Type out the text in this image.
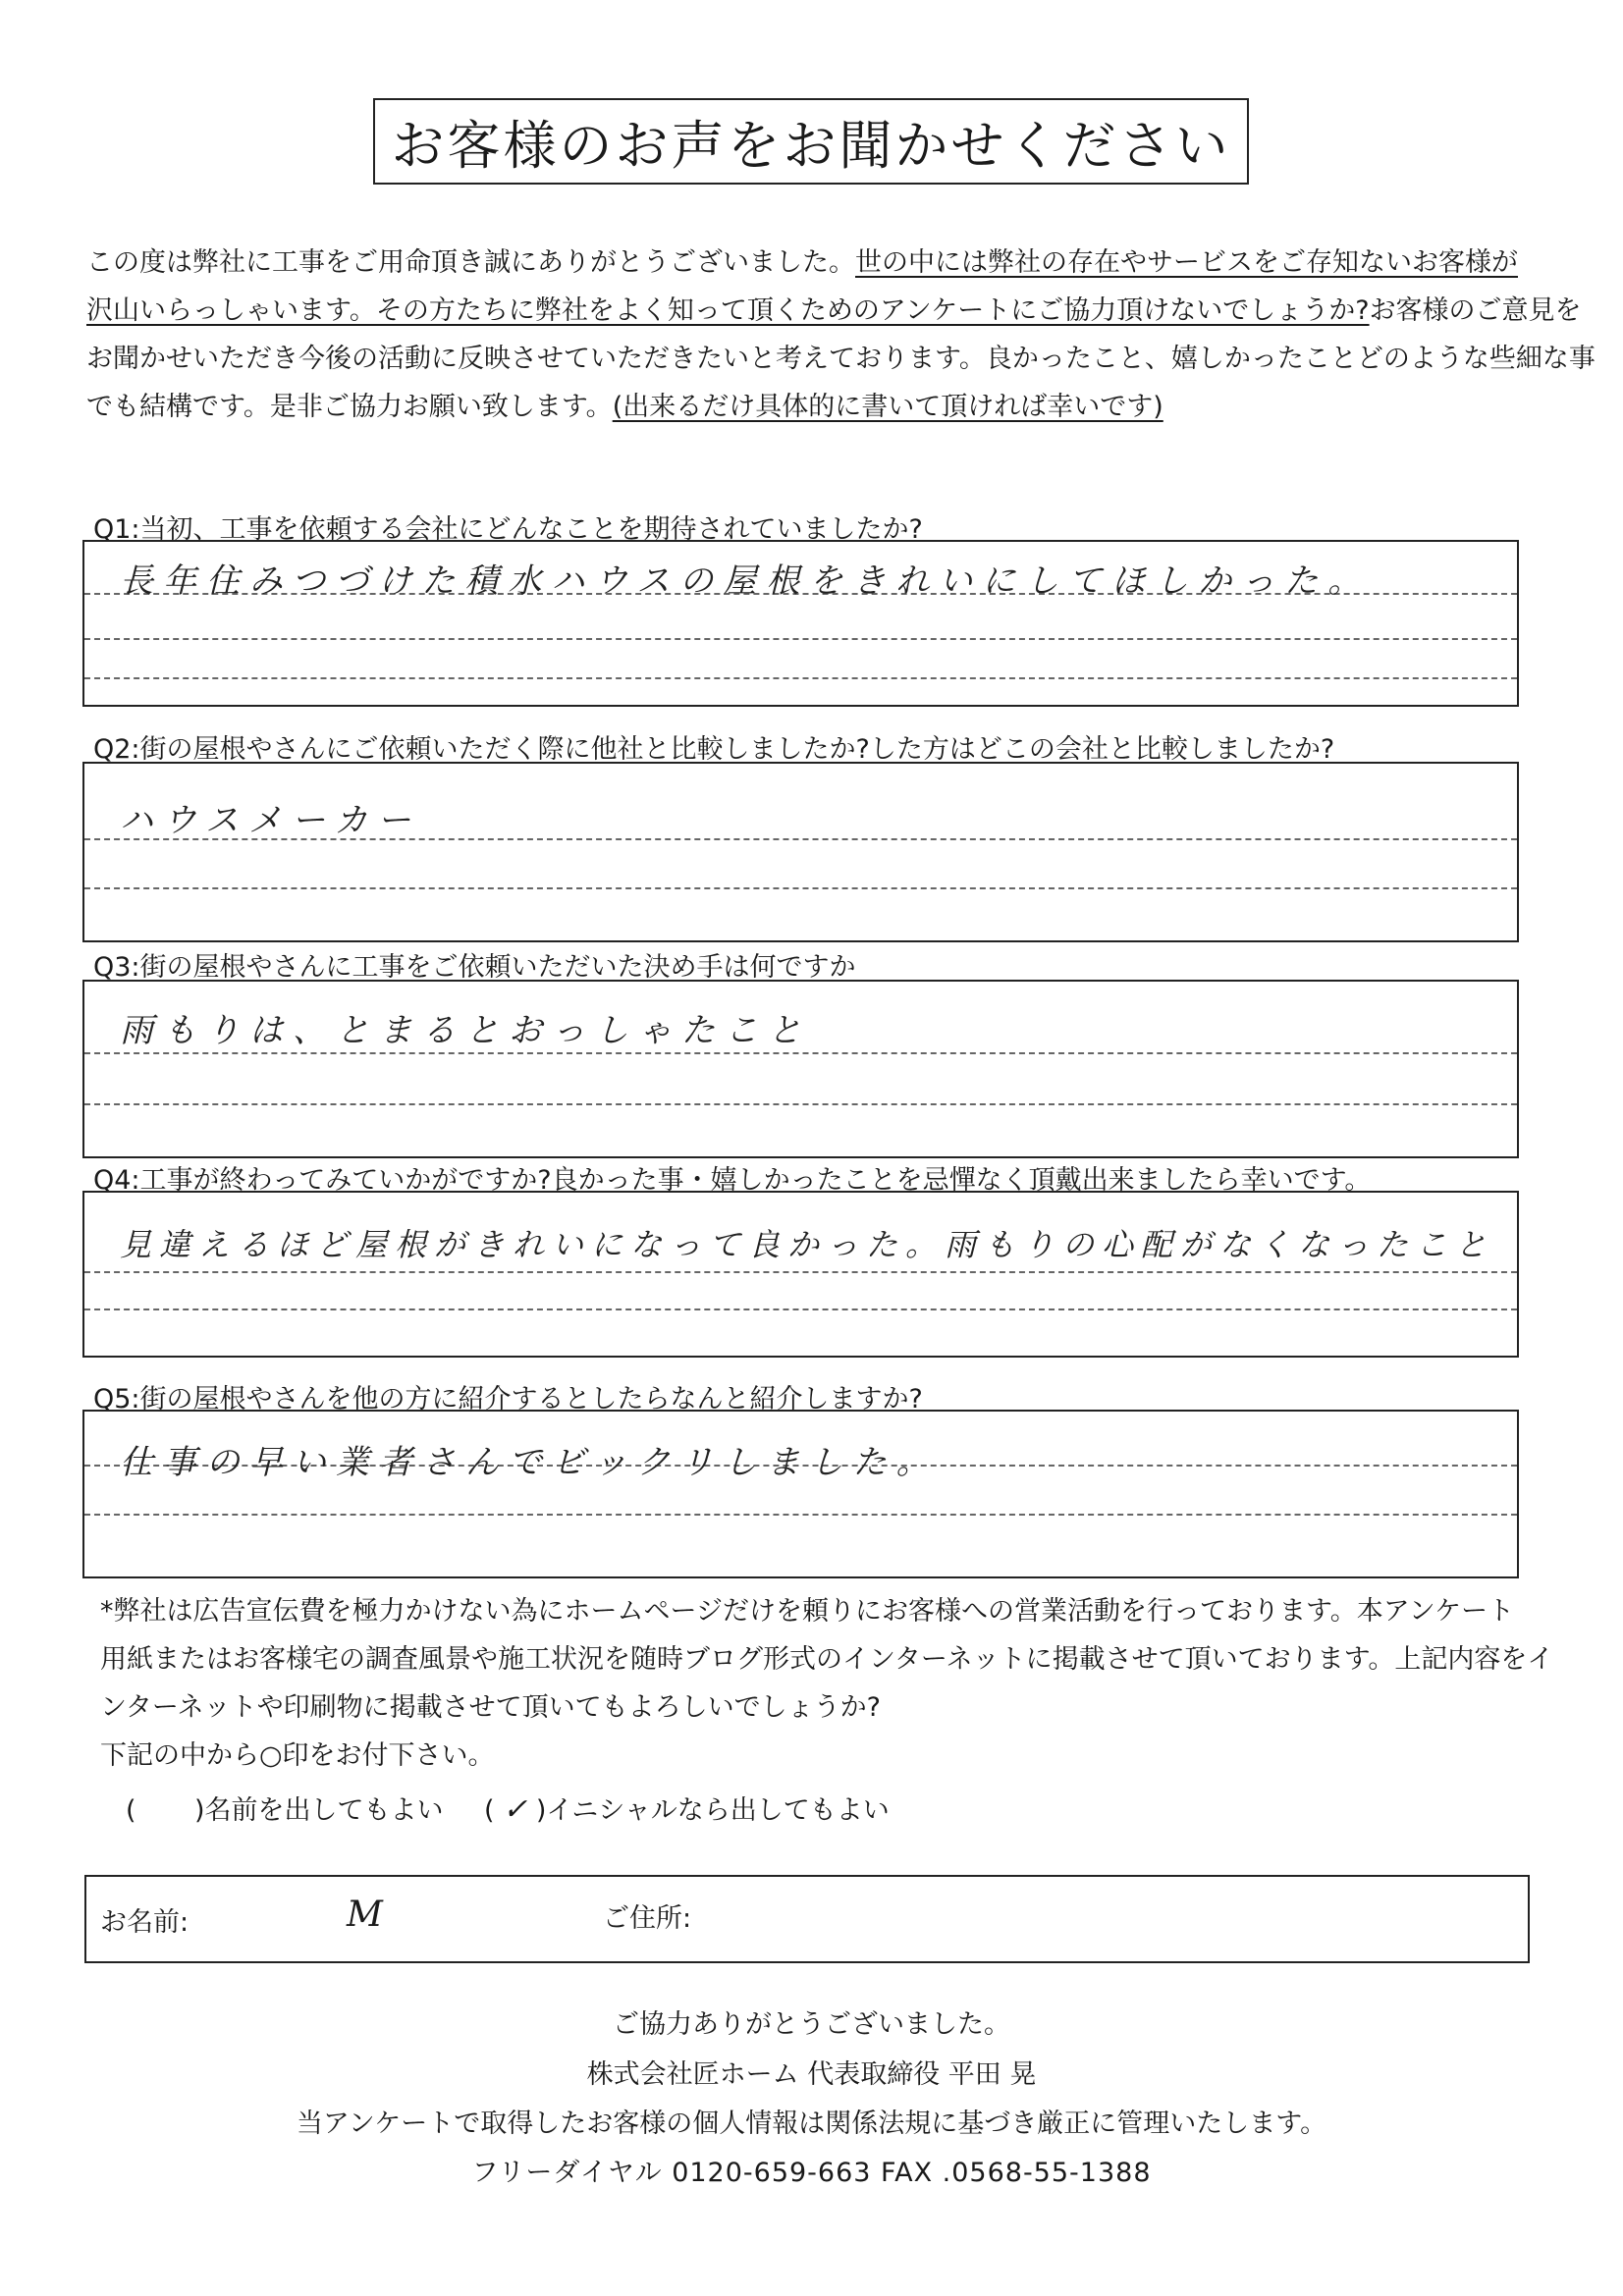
お客様のお声をお聞かせください

この度は弊社に工事をご用命頂き誠にありがとうございました。世の中には弊社の存在やサービスをご存知ないお客様が

沢山いらっしゃいます。その方たちに弊社をよく知って頂くためのアンケートにご協力頂けないでしょうか?お客様のご意見を

お聞かせいただき今後の活動に反映させていただきたいと考えております。良かったこと、嬉しかったことどのような些細な事

でも結構です。是非ご協力お願い致します。(出来るだけ具体的に書いて頂ければ幸いです)

Q1:当初、工事を依頼する会社にどんなことを期待されていましたか?
長年住みつづけた積水ハウスの屋根をきれいにしてほしかった。
Q2:街の屋根やさんにご依頼いただく際に他社と比較しましたか?した方はどこの会社と比較しましたか?
ハウスメーカー
Q3:街の屋根やさんに工事をご依頼いただいた決め手は何ですか
雨もりは、とまるとおっしゃたこと
Q4:工事が終わってみていかがですか?良かった事・嬉しかったことを忌憚なく頂戴出来ましたら幸いです。
見違えるほど屋根がきれいになって良かった。雨もりの心配がなくなったこと
Q5:街の屋根やさんを他の方に紹介するとしたらなんと紹介しますか?
仕事の早い業者さんでビックリしました。

*弊社は広告宣伝費を極力かけない為にホームページだけを頼りにお客様への営業活動を行っております。本アンケート

用紙またはお客様宅の調査風景や施工状況を随時ブログ形式のインターネットに掲載させて頂いております。上記内容をイ

ンターネットや印刷物に掲載させて頂いてもよろしいでしょうか?

下記の中から○印をお付下さい。

( )名前を出してもよい ( ✓ )イニシャルなら出してもよい
お名前:	M	ご住所:
ご協力ありがとうございました。
株式会社匠ホーム 代表取締役 平田 晃
当アンケートで取得したお客様の個人情報は関係法規に基づき厳正に管理いたします。
フリーダイヤル 0120-659-663 FAX .0568-55-1388
